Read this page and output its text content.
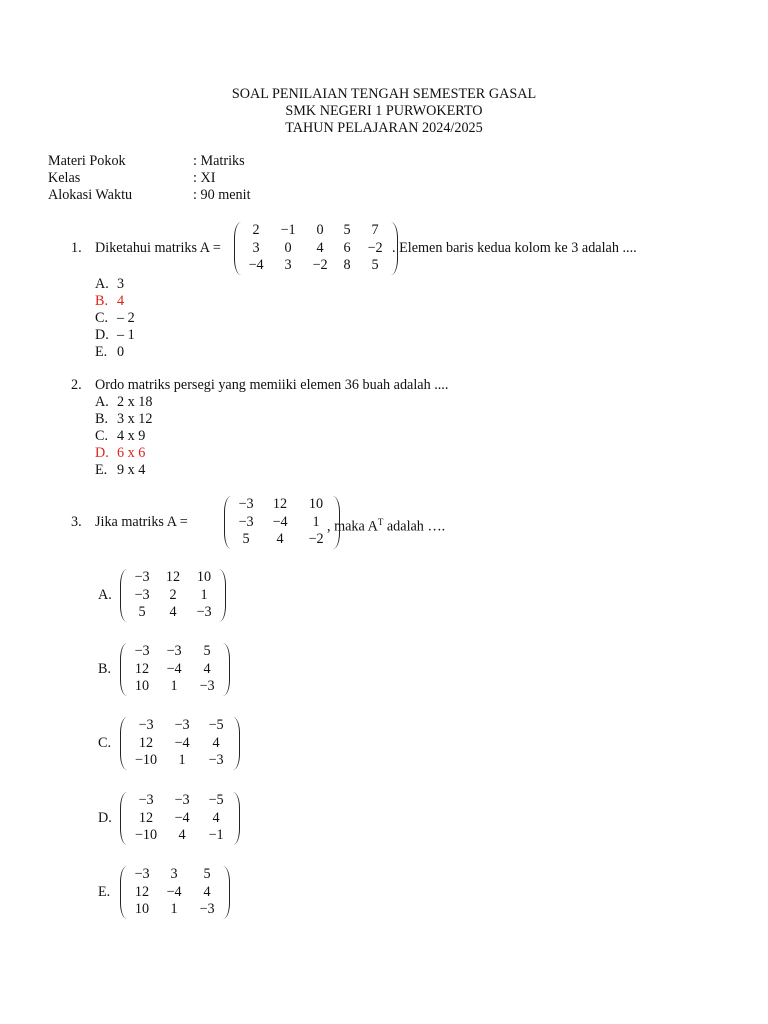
SOAL PENILAIAN TENGAH SEMESTER GASAL
SMK NEGERI 1 PURWOKERTO
TAHUN PELAJARAN 2024/2025
Materi Pokok	: Matriks
Kelas	: XI
Alokasi Waktu	: 90 menit
1. Diketahui matriks A =
2	−1	0	5	7
3	0	4	6	−2
−4	3	−2	8	5
. Elemen baris kedua kolom ke 3 adalah ....
A. 3
B. 4
C. – 2
D. – 1
E. 0
2. Ordo matriks persegi yang memiiki elemen 36 buah adalah ....
A. 2 x 18
B. 3 x 12
C. 4 x 9
D. 6 x 6
E. 9 x 4
3. Jika matriks A =
−3	12	10
−3	−4	1
5	4	−2
, maka $A^T$ adalah ….
A.
−3	12	10
−3	2	1
5	4	−3
B.
−3	−3	5
12	−4	4
10	1	−3
C.
−3	−3	−5
12	−4	4
−10	1	−3
D.
−3	−3	−5
12	−4	4
−10	4	−1
E.
−3	3	5
12	−4	4
10	1	−3
